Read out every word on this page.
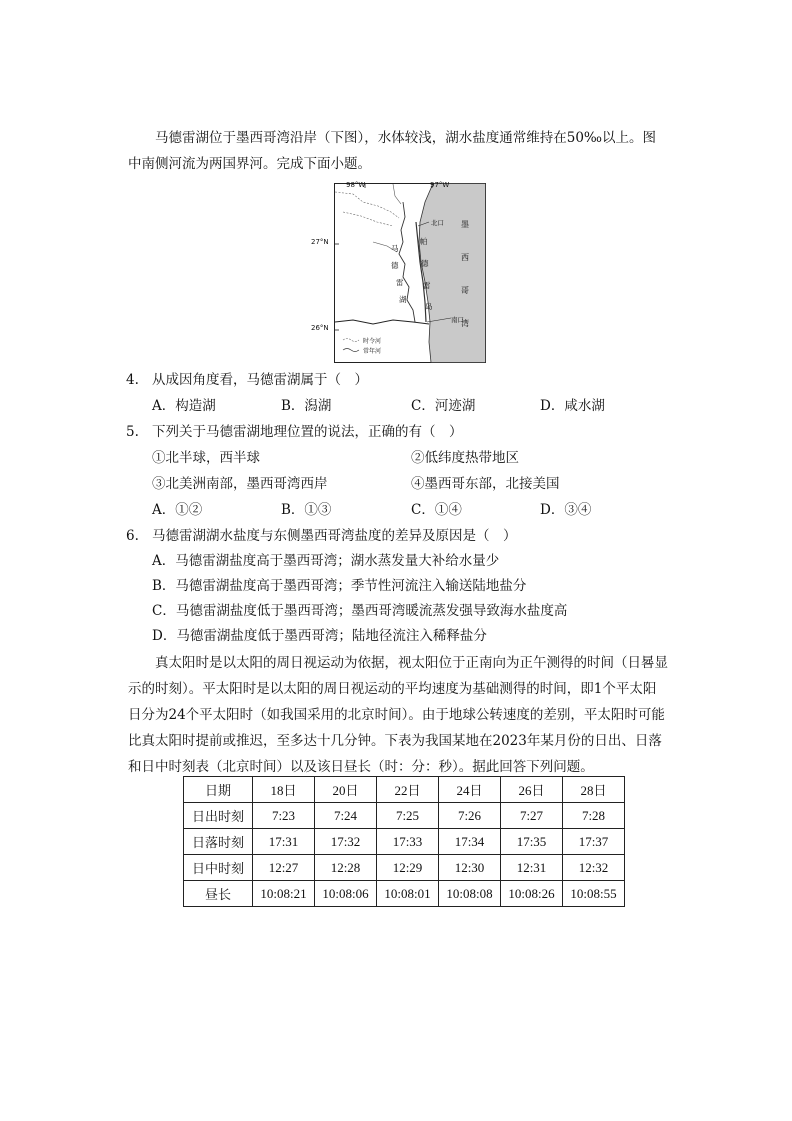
马德雷湖位于墨西哥湾沿岸（下图），水体较浅，湖水盐度通常维持在50‰以上。图中南侧河流为两国界河。完成下面小题。

北口
南口
时令河
常年河
马
德
雷
湖
帕
德
雷
岛
墨
西
哥
湾
27°N
26°N
98°W	97°W
4. 从成因角度看，马德雷湖属于（　）
A．构造湖	B．潟湖	C．河迹湖	D．咸水湖
5. 下列关于马德雷湖地理位置的说法，正确的有（　）
①北半球，西半球	②低纬度热带地区
③北美洲南部，墨西哥湾西岸	④墨西哥东部，北接美国
A．①②	B．①③	C．①④	D．③④
6. 马德雷湖湖水盐度与东侧墨西哥湾盐度的差异及原因是（　）
A．马德雷湖盐度高于墨西哥湾；湖水蒸发量大补给水量少
B．马德雷湖盐度高于墨西哥湾；季节性河流注入输送陆地盐分
C．马德雷湖盐度低于墨西哥湾；墨西哥湾暖流蒸发强导致海水盐度高
D．马德雷湖盐度低于墨西哥湾；陆地径流注入稀释盐分

真太阳时是以太阳的周日视运动为依据，视太阳位于正南向为正午测得的时间（日晷显示的时刻）。平太阳时是以太阳的周日视运动的平均速度为基础测得的时间，即1个平太阳日分为24个平太阳时（如我国采用的北京时间）。由于地球公转速度的差别，平太阳时可能比真太阳时提前或推迟，至多达十几分钟。下表为我国某地在2023年某月份的日出、日落和日中时刻表（北京时间）以及该日昼长（时：分：秒）。据此回答下列问题。

日期	18日	20日	22日	24日	26日	28日
日出时刻	7:23	7:24	7:25	7:26	7:27	7:28
日落时刻	17:31	17:32	17:33	17:34	17:35	17:37
日中时刻	12:27	12:28	12:29	12:30	12:31	12:32
昼长	10:08:21	10:08:06	10:08:01	10:08:08	10:08:26	10:08:55
